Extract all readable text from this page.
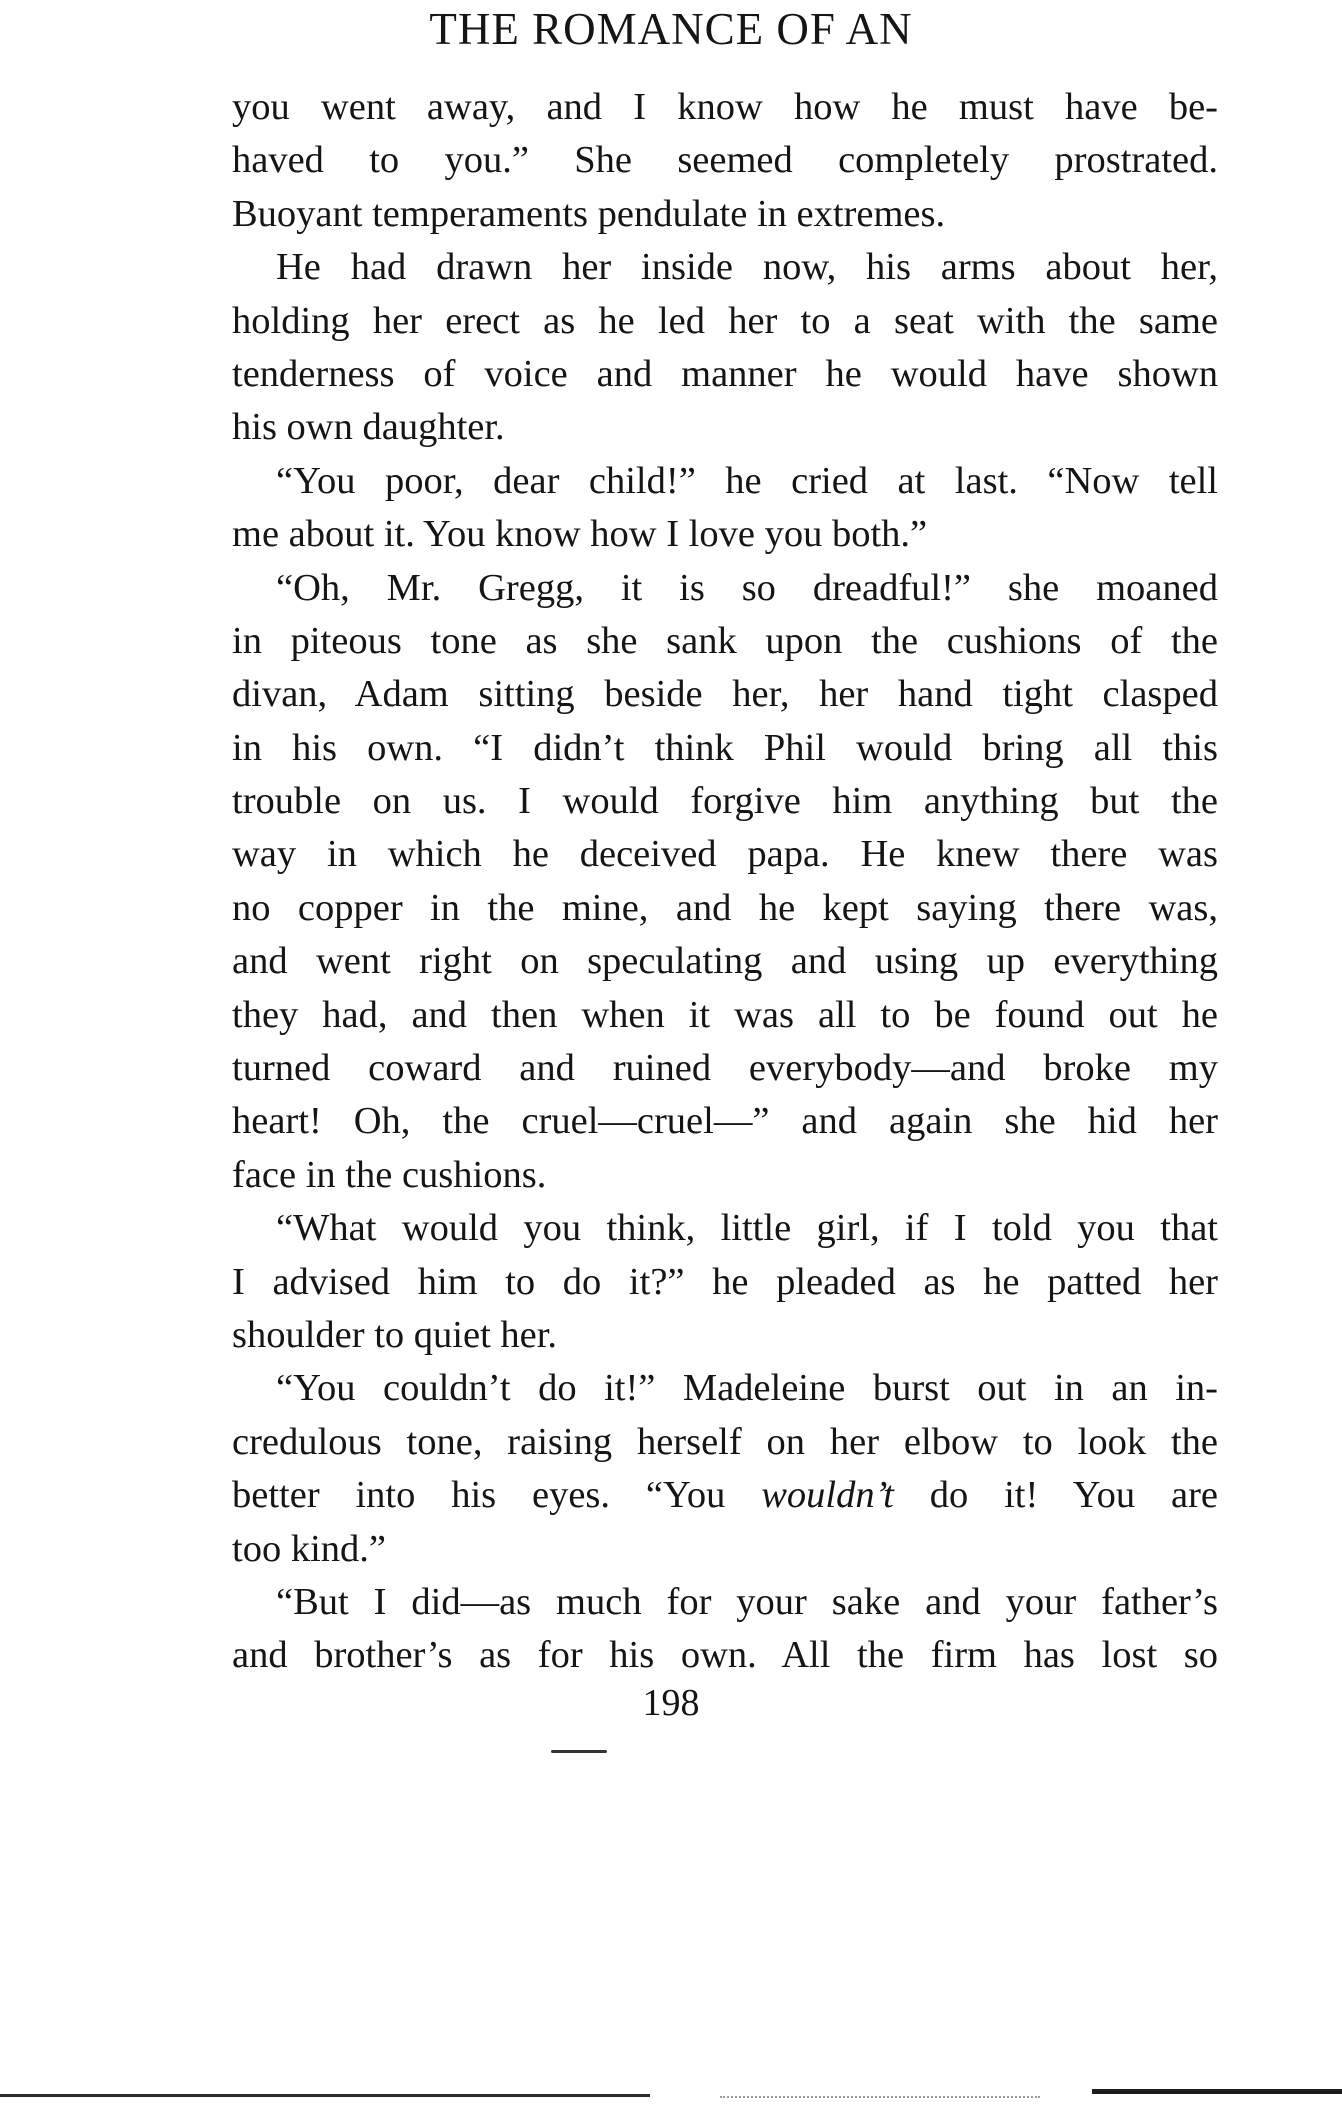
THE ROMANCE OF AN
you went away, and I know how he must have be-
haved to you.” She seemed completely prostrated.
Buoyant temperaments pendulate in extremes.
He had drawn her inside now, his arms about her,
holding her erect as he led her to a seat with the same
tenderness of voice and manner he would have shown
his own daughter.
“You poor, dear child!” he cried at last. “Now tell
me about it. You know how I love you both.”
“Oh, Mr. Gregg, it is so dreadful!” she moaned
in piteous tone as she sank upon the cushions of the
divan, Adam sitting beside her, her hand tight clasped
in his own. “I didn’t think Phil would bring all this
trouble on us. I would forgive him anything but the
way in which he deceived papa. He knew there was
no copper in the mine, and he kept saying there was,
and went right on speculating and using up everything
they had, and then when it was all to be found out he
turned coward and ruined everybody—and broke my
heart! Oh, the cruel—cruel—” and again she hid her
face in the cushions.
“What would you think, little girl, if I told you that
I advised him to do it?” he pleaded as he patted her
shoulder to quiet her.
“You couldn’t do it!” Madeleine burst out in an in-
credulous tone, raising herself on her elbow to look the
better into his eyes. “You wouldn’t do it! You are
too kind.”
“But I did—as much for your sake and your father’s
and brother’s as for his own. All the firm has lost so
198
